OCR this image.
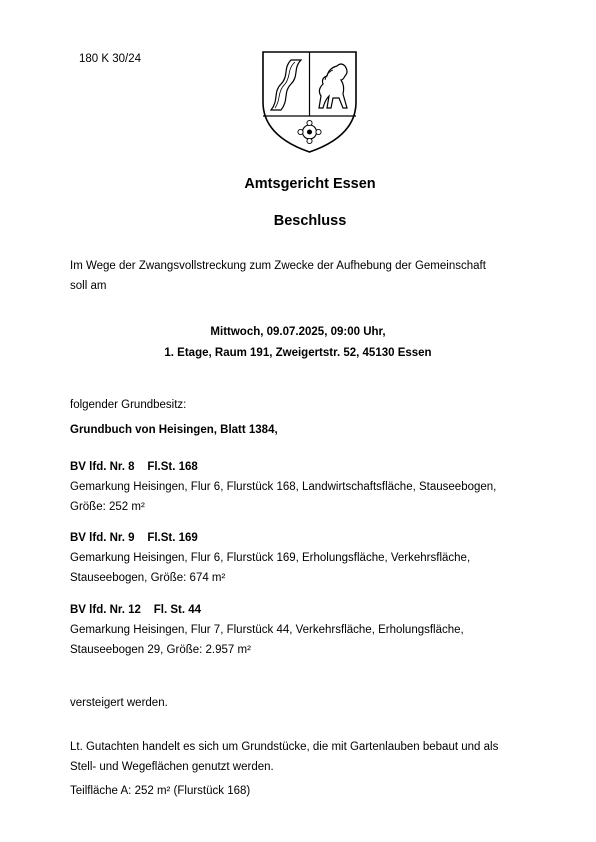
180 K 30/24

Amtsgericht Essen

Beschluss

Im Wege der Zwangsvollstreckung zum Zwecke der Aufhebung der Gemeinschaft
soll am
Mittwoch, 09.07.2025, 09:00 Uhr,
1. Etage, Raum 191, Zweigertstr. 52, 45130 Essen
folgender Grundbesitz:
Grundbuch von Heisingen, Blatt 1384,
BV lfd. Nr. 8 Fl.St. 168
Gemarkung Heisingen, Flur 6, Flurstück 168, Landwirtschaftsfläche, Stauseebogen,
Größe: 252 m²
BV lfd. Nr. 9 Fl.St. 169
Gemarkung Heisingen, Flur 6, Flurstück 169, Erholungsfläche, Verkehrsfläche,
Stauseebogen, Größe: 674 m²
BV lfd. Nr. 12 Fl. St. 44
Gemarkung Heisingen, Flur 7, Flurstück 44, Verkehrsfläche, Erholungsfläche,
Stauseebogen 29, Größe: 2.957 m²
versteigert werden.
Lt. Gutachten handelt es sich um Grundstücke, die mit Gartenlauben bebaut und als
Stell- und Wegeflächen genutzt werden.
Teilfläche A: 252 m² (Flurstück 168)
